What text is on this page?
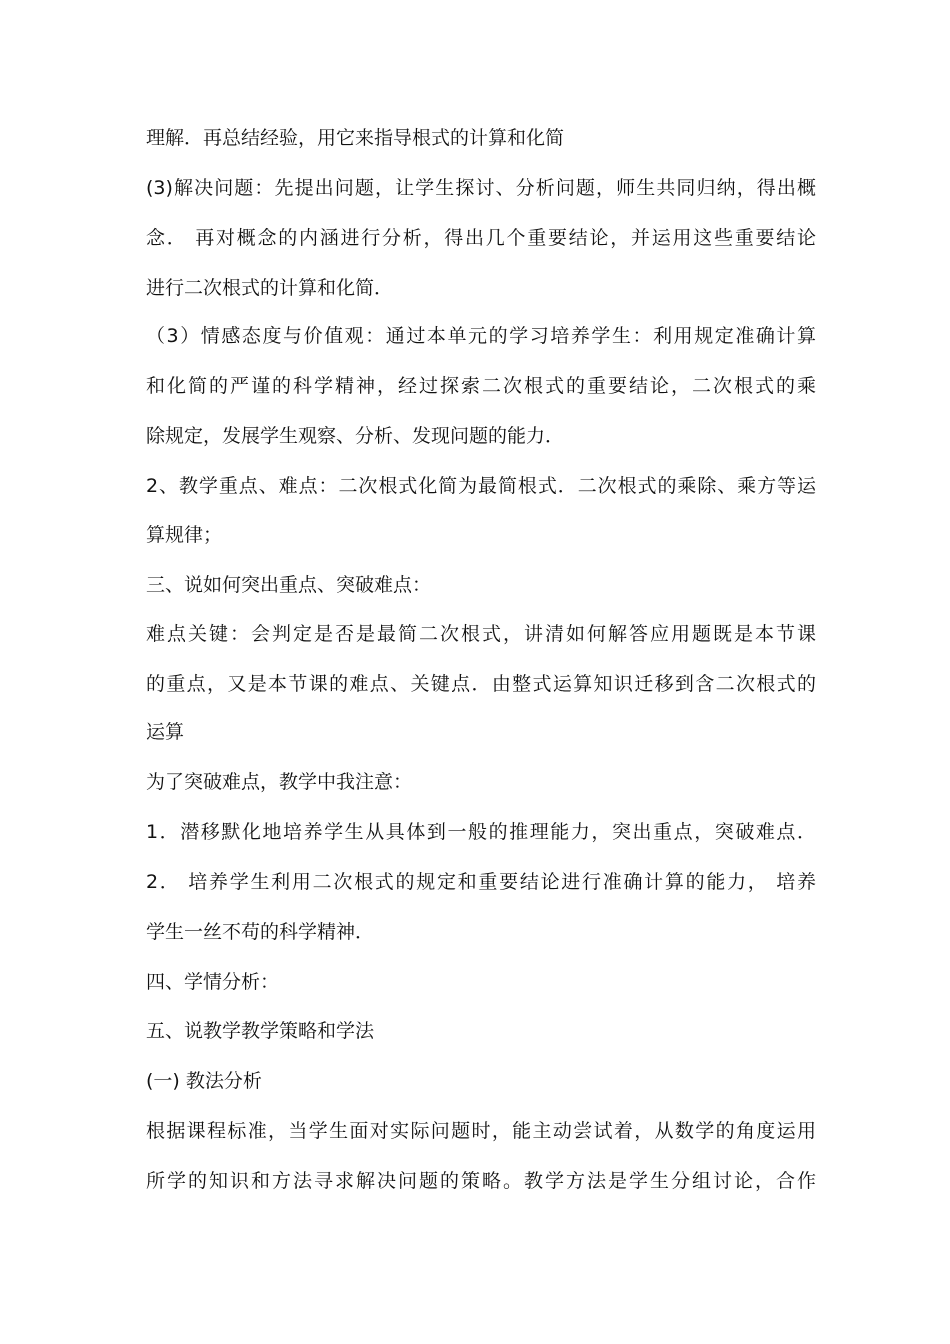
理解．再总结经验，用它来指导根式的计算和化简
(3)解决问题：先提出问题，让学生探讨、分析问题，师生共同归纳，得出概
念． 再对概念的内涵进行分析，得出几个重要结论，并运用这些重要结论
进行二次根式的计算和化简．
（3）情感态度与价值观：通过本单元的学习培养学生：利用规定准确计算
和化简的严谨的科学精神，经过探索二次根式的重要结论，二次根式的乘
除规定，发展学生观察、分析、发现问题的能力．
2、教学重点、难点：二次根式化简为最简根式．二次根式的乘除、乘方等运
算规律；
三、说如何突出重点、突破难点：
难点关键：会判定是否是最简二次根式，讲清如何解答应用题既是本节课
的重点，又是本节课的难点、关键点．由整式运算知识迁移到含二次根式的
运算
为了突破难点，教学中我注意：
1．潜移默化地培养学生从具体到一般的推理能力，突出重点，突破难点．
2． 培养学生利用二次根式的规定和重要结论进行准确计算的能力， 培养
学生一丝不苟的科学精神．
四、学情分析：
五、说教学教学策略和学法
(一) 教法分析
根据课程标准，当学生面对实际问题时，能主动尝试着，从数学的角度运用
所学的知识和方法寻求解决问题的策略。教学方法是学生分组讨论，合作
